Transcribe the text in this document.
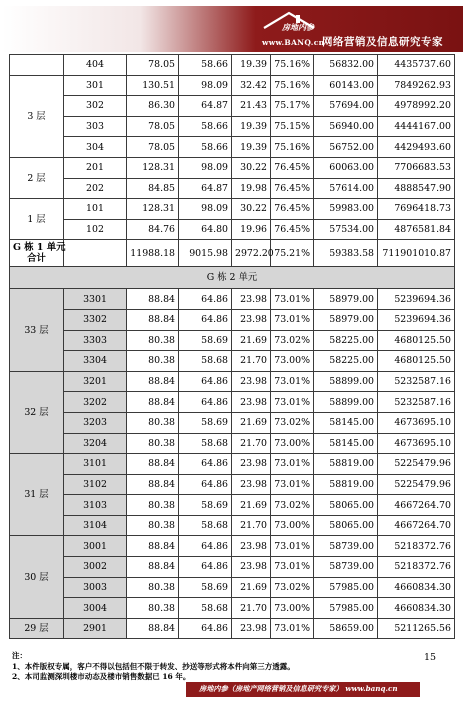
房地内参
www.BANQ.cn
网络营销及信息研究专家
	404	78.05	58.66	19.39	75.16%	56832.00	4435737.60
3 层	301	130.51	98.09	32.42	75.16%	60143.00	7849262.93
	302	86.30	64.87	21.43	75.17%	57694.00	4978992.20
	303	78.05	58.66	19.39	75.15%	56940.00	4444167.00
	304	78.05	58.66	19.39	75.16%	56752.00	4429493.60
2 层	201	128.31	98.09	30.22	76.45%	60063.00	7706683.53
	202	84.85	64.87	19.98	76.45%	57614.00	4888547.90
1 层	101	128.31	98.09	30.22	76.45%	59983.00	7696418.73
	102	84.76	64.80	19.96	76.45%	57534.00	4876581.84

G 栋 1 单元
合计		11988.18	9015.98	2972.20	75.21%	59383.58	711901010.87
G 栋 2 单元							
33 层	3301	88.84	64.86	23.98	73.01%	58979.00	5239694.36
	3302	88.84	64.86	23.98	73.01%	58979.00	5239694.36
	3303	80.38	58.69	21.69	73.02%	58225.00	4680125.50
	3304	80.38	58.68	21.70	73.00%	58225.00	4680125.50
32 层	3201	88.84	64.86	23.98	73.01%	58899.00	5232587.16
	3202	88.84	64.86	23.98	73.01%	58899.00	5232587.16
	3203	80.38	58.69	21.69	73.02%	58145.00	4673695.10
	3204	80.38	58.68	21.70	73.00%	58145.00	4673695.10
31 层	3101	88.84	64.86	23.98	73.01%	58819.00	5225479.96
	3102	88.84	64.86	23.98	73.01%	58819.00	5225479.96
	3103	80.38	58.69	21.69	73.02%	58065.00	4667264.70
	3104	80.38	58.68	21.70	73.00%	58065.00	4667264.70
30 层	3001	88.84	64.86	23.98	73.01%	58739.00	5218372.76
	3002	88.84	64.86	23.98	73.01%	58739.00	5218372.76
	3003	80.38	58.69	21.69	73.02%	57985.00	4660834.30
	3004	80.38	58.68	21.70	73.00%	57985.00	4660834.30
29 层	2901	88.84	64.86	23.98	73.01%	58659.00	5211265.56
15
注：
1、本件版权专属，客户不得以包括但不限于转发、抄送等形式将本件向第三方透露。
2、本司监测深圳楼市动态及楼市销售数据已 16 年。
房地内参（房地产网络营销及信息研究专家） www.banq.cn
